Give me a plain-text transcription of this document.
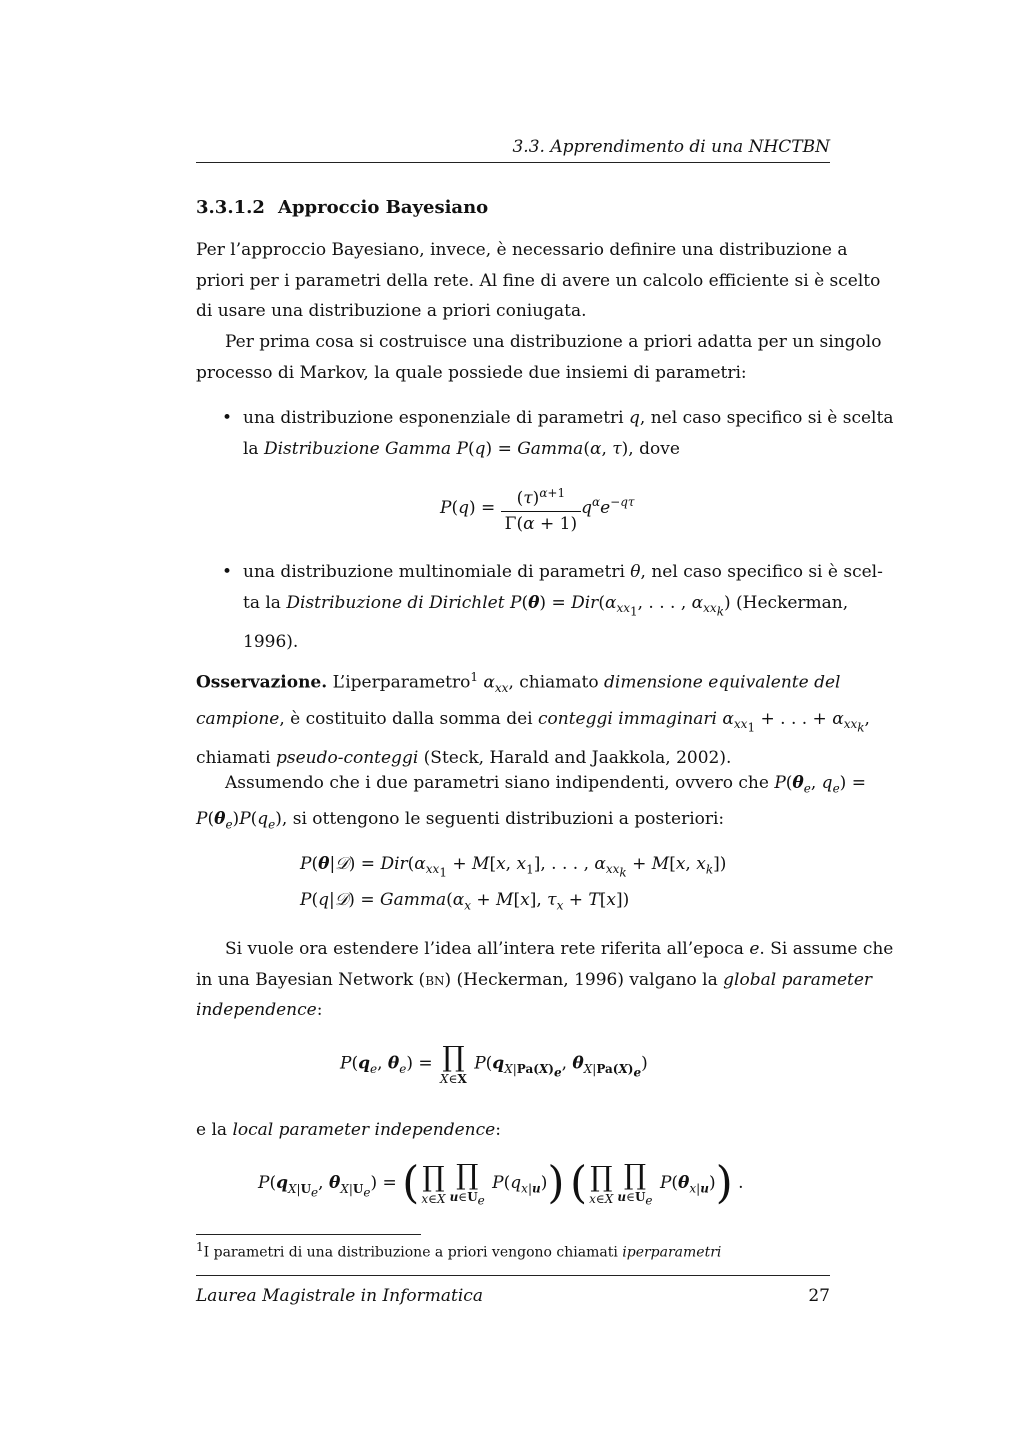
3.3. Apprendimento di una NHCTBN
3.3.1.2 Approccio Bayesiano
Per l’approccio Bayesiano, invece, è necessario definire una distribuzione a
priori per i parametri della rete. Al fine di avere un calcolo efficiente si è scelto
di usare una distribuzione a priori coniugata.
Per prima cosa si costruisce una distribuzione a priori adatta per un singolo
processo di Markov, la quale possiede due insiemi di parametri:
• una distribuzione esponenziale di parametri q, nel caso specifico si è scelta
la Distribuzione Gamma P(q) = Gamma(α, τ), dove
$P(q) = \frac{(\tau)^{\alpha+1}}{\Gamma(\alpha + 1)} q^\alpha e^{-q\tau}$
• una distribuzione multinomiale di parametri θ, nel caso specifico si è scel-
ta la Distribuzione di Dirichlet $P(\theta) = Dir(\alpha_{xx_1}$, . . . , $\alpha_{xx_k}$) (Heckerman,
1996).
Osservazione. L’iperparametro$^1$ $\alpha_{xx}$, chiamato dimensione equivalente del
campione, è costituito dalla somma dei conteggi immaginari $\alpha_{xx_1}$ + . . . + $\alpha_{xx_k}$,
chiamati pseudo-conteggi (Steck, Harald and Jaakkola, 2002).
Assumendo che i due parametri siano indipendenti, ovvero che $P(\theta_e$, $q_e$) =
$P(\theta_e)P(q_e)$, si ottengono le seguenti distribuzioni a posteriori:
P(θ|𝒟) = $Dir(\alpha_{xx_1} + M[x$, $x_1$], . . . , $\alpha_{xx_k} + M[x$, $x_k$])
P(q|𝒟) = $Gamma(\alpha_x + M[x]$, $\tau_x + T[x]$)
Si vuole ora estendere l’idea all’intera rete riferita all’epoca e. Si assume che
in una Bayesian Network (bn) (Heckerman, 1996) valgano la global parameter
independence:
$P(q_e$, $\theta_e$) = ∏
X∈X
$P(q_{X|Pa(X)_e}$, $\theta_{X|Pa(X)_e}$)
e la local parameter independence:
$P(q_{X|U_e}$, $\theta_{X|U_e}$) = ( ∏
x∈X
∏
$u\in U_e$
$P(q_{x|u})$) ( ∏
x∈X
∏
$u\in U_e$
$P(\theta_{x|u})$) .
$^1$I parametri di una distribuzione a priori vengono chiamati iperparametri
Laurea Magistrale in Informatica	27
